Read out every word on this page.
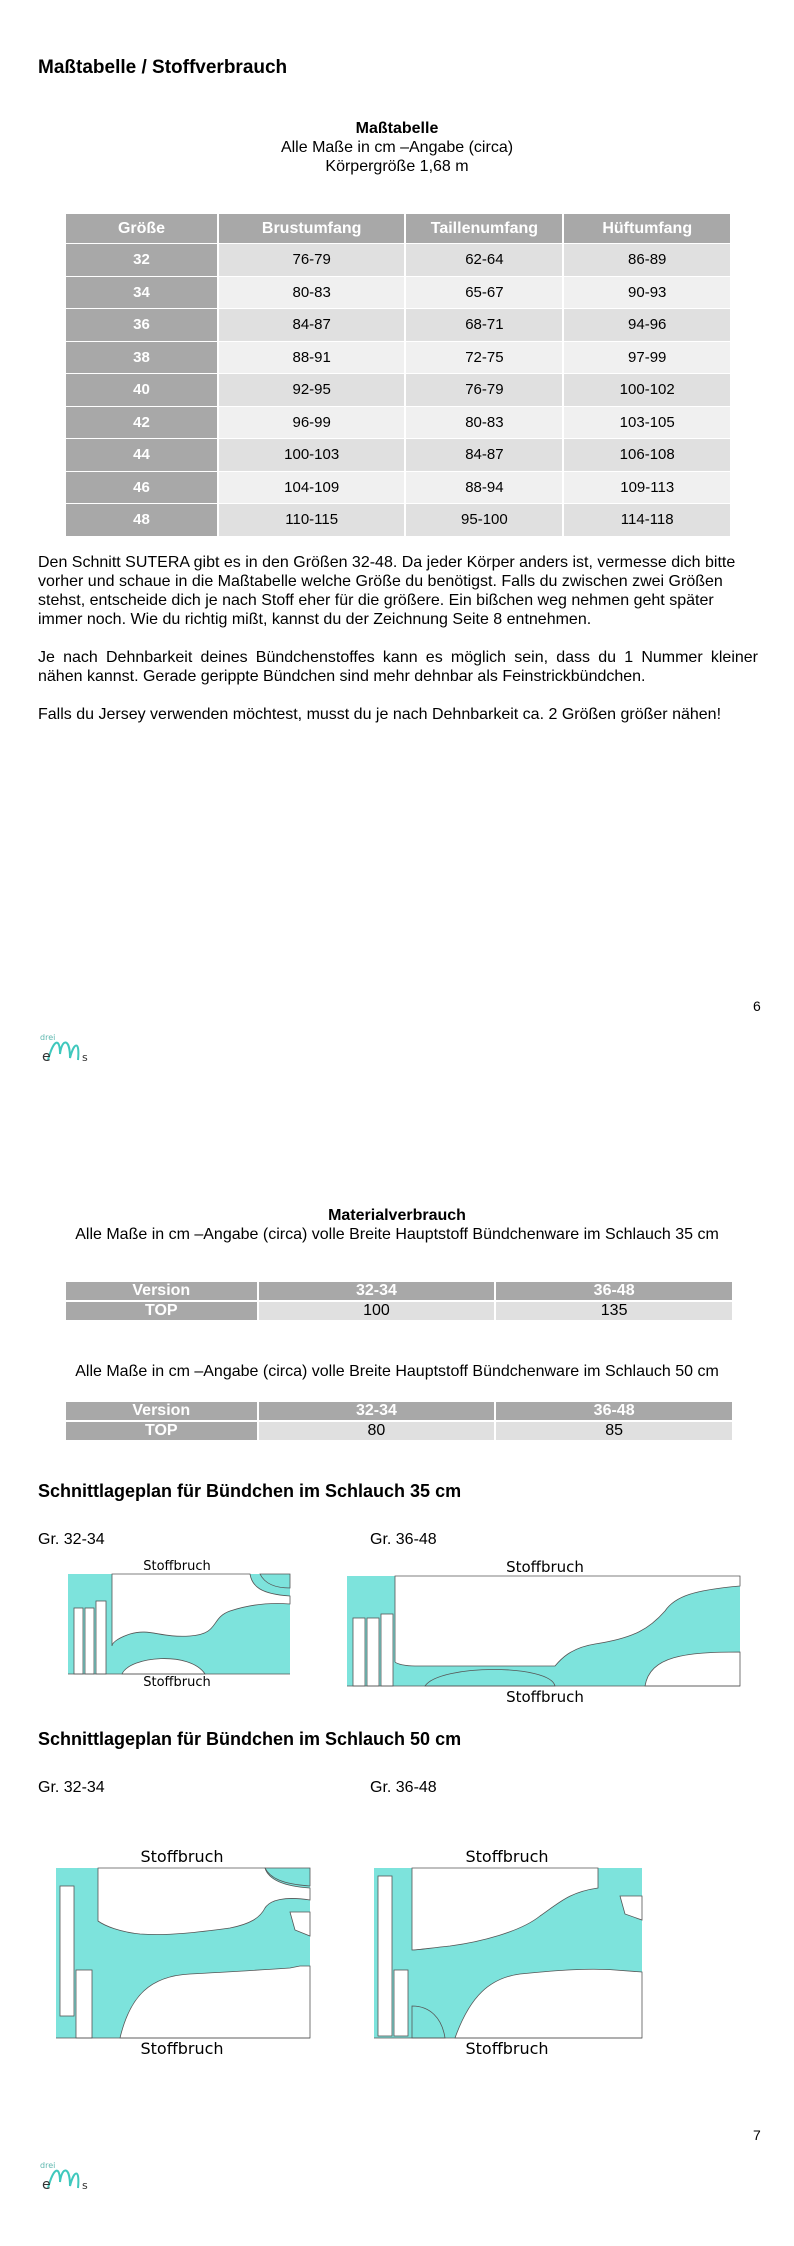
Maßtabelle / Stoffverbrauch
Maßtabelle
Alle Maße in cm –Angabe (circa)
Körpergröße 1,68 m
Größe	Brustumfang	Taillenumfang	Hüftumfang
32	76-79	62-64	86-89
34	80-83	65-67	90-93
36	84-87	68-71	94-96
38	88-91	72-75	97-99
40	92-95	76-79	100-102
42	96-99	80-83	103-105
44	100-103	84-87	106-108
46	104-109	88-94	109-113
48	110-115	95-100	114-118
Den Schnitt SUTERA gibt es in den Größen 32-48. Da jeder Körper anders ist, vermesse dich bitte vorher und schaue in die Maßtabelle welche Größe du benötigst. Falls du zwischen zwei Größen stehst, entscheide dich je nach Stoff eher für die größere. Ein bißchen weg nehmen geht später immer noch. Wie du richtig mißt, kannst du der Zeichnung Seite 8 entnehmen.
Je nach Dehnbarkeit deines Bündchenstoffes kann es möglich sein, dass du 1 Nummer kleiner nähen kannst. Gerade gerippte Bündchen sind mehr dehnbar als Feinstrickbündchen.
Falls du Jersey verwenden möchtest, musst du je nach Dehnbarkeit ca. 2 Größen größer nähen!
6
drei
e	s
Materialverbrauch
Alle Maße in cm –Angabe (circa) volle Breite Hauptstoff Bündchenware im Schlauch 35 cm
Version	32-34	36-48
TOP	100	135
Alle Maße in cm –Angabe (circa) volle Breite Hauptstoff Bündchenware im Schlauch 50 cm
Version	32-34	36-48
TOP	80	85
Schnittlageplan für Bündchen im Schlauch 35 cm
Gr. 32-34	Gr. 36-48
Stoffbruch
Stoffbruch
Stoffbruch
Stoffbruch
Schnittlageplan für Bündchen im Schlauch 50 cm
Gr. 32-34	Gr. 36-48
Stoffbruch
Stoffbruch
Stoffbruch
Stoffbruch
7
drei
e	s
